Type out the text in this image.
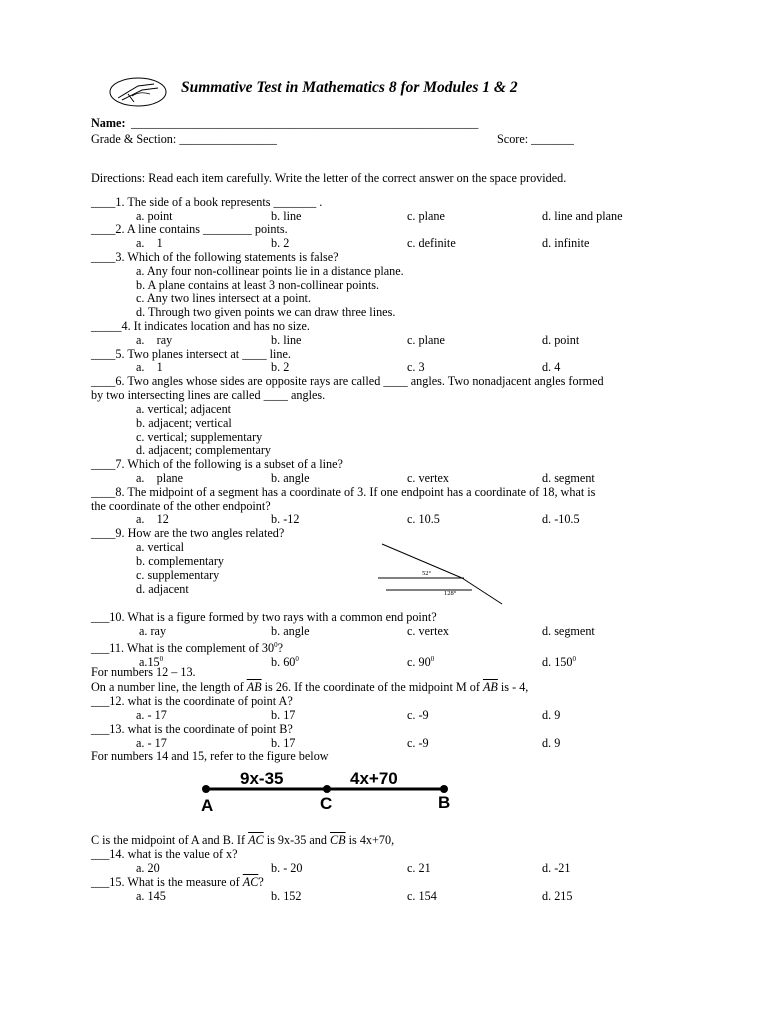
Summative Test in Mathematics 8 for Modules 1 & 2
Name: _________________________________________________________
Grade & Section: ________________	Score: _______
Directions: Read each item carefully. Write the letter of the correct answer on the space provided.
____1. The side of a book represents _______ .
a. point	b. line	c. plane	d. line and plane
____2. A line contains ________ points.
a.    1	b. 2	c. definite	d. infinite
____3. Which of the following statements is false?
a. Any four non-collinear points lie in a distance plane.
b. A plane contains at least 3 non-collinear points.
c. Any two lines intersect at a point.
d. Through two given points we can draw three lines.
_____4. It indicates location and has no size.
a.    ray	b. line	c. plane	d. point
____5. Two planes intersect at ____ line.
a.    1	b. 2	c. 3	d. 4
____6. Two angles whose sides are opposite rays are called ____ angles. Two nonadjacent angles formed
by two intersecting lines are called ____ angles.
a. vertical; adjacent
b. adjacent; vertical
c. vertical; supplementary
d. adjacent; complementary
____7. Which of the following is a subset of a line?
a.    plane	b. angle	c. vertex	d. segment
____8. The midpoint of a segment has a coordinate of 3. If one endpoint has a coordinate of 18, what is
the coordinate of the other endpoint?
a.    12	b. -12	c. 10.5	d. -10.5
____9. How are the two angles related?
a. vertical
b. complementary
c. supplementary
d. adjacent
52°
128°
___10. What is a figure formed by two rays with a common end point?
a. ray	b. angle	c. vertex	d. segment
___11. What is the complement of $30^0$?
$a.15^0$	b. $60^0$	c. $90^0$	d. $150^0$
For numbers 12 – 13.
On a number line, the length of $\overline{AB}$ is 26. If the coordinate of the midpoint M of $\overline{AB}$ is - 4,
___12. what is the coordinate of point A?
a. - 17	b. 17	c. -9	d. 9
___13. what is the coordinate of point B?
a. - 17	b. 17	c. -9	d. 9
For numbers 14 and 15, refer to the figure below
9x-35	4x+70
A	C	B
C is the midpoint of A and B. If $\overline{AC}$ is 9x-35 and $\overline{CB}$ is 4x+70,
___14. what is the value of x?
a. 20	b. - 20	c. 21	d. -21
___15. What is the measure of $\overline{AC}$?
a. 145	b. 152	c. 154	d. 215
